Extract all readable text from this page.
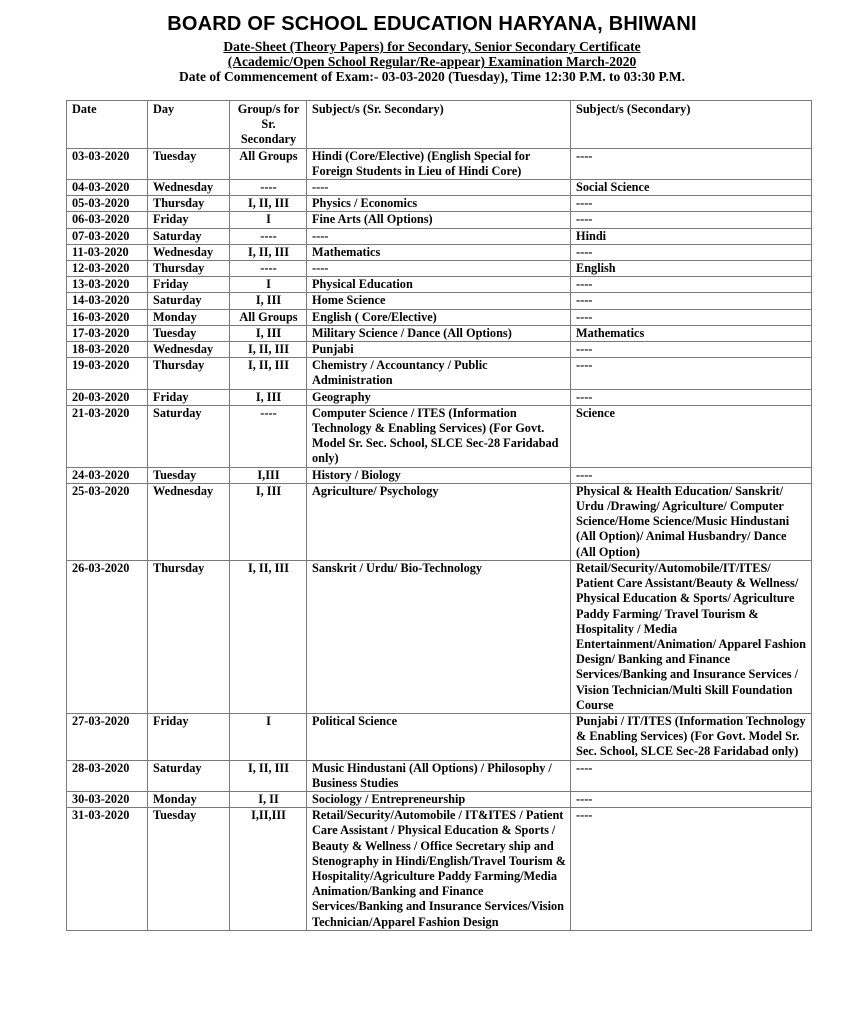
BOARD OF SCHOOL EDUCATION HARYANA, BHIWANI
Date-Sheet (Theory Papers) for Secondary, Senior Secondary Certificate
(Academic/Open School Regular/Re-appear) Examination March-2020
Date of Commencement of Exam:- 03-03-2020 (Tuesday), Time 12:30 P.M. to 03:30 P.M.
Date	Day	Group/s for Sr. Secondary	Subject/s (Sr. Secondary)	Subject/s (Secondary)
03-03-2020	Tuesday	All Groups	Hindi (Core/Elective) (English Special for Foreign Students in Lieu of Hindi Core)	----
04-03-2020	Wednesday	----	----	Social Science
05-03-2020	Thursday	I, II, III	Physics / Economics	----
06-03-2020	Friday	I	Fine Arts (All Options)	----
07-03-2020	Saturday	----	----	Hindi
11-03-2020	Wednesday	I, II, III	Mathematics	----
12-03-2020	Thursday	----	----	English
13-03-2020	Friday	I	Physical Education	----
14-03-2020	Saturday	I, III	Home Science	----
16-03-2020	Monday	All Groups	English ( Core/Elective)	----
17-03-2020	Tuesday	I, III	Military Science / Dance (All Options)	Mathematics
18-03-2020	Wednesday	I, II, III	Punjabi	----
19-03-2020	Thursday	I, II, III	Chemistry / Accountancy / Public Administration	----
20-03-2020	Friday	I, III	Geography	----
21-03-2020	Saturday	----	Computer Science / ITES (Information Technology & Enabling Services) (For Govt. Model Sr. Sec. School, SLCE Sec-28 Faridabad only)	Science
24-03-2020	Tuesday	I,III	History / Biology	----
25-03-2020	Wednesday	I, III	Agriculture/ Psychology	Physical & Health Education/ Sanskrit/ Urdu /Drawing/ Agriculture/ Computer Science/Home Science/Music Hindustani (All Option)/ Animal Husbandry/ Dance (All Option)
26-03-2020	Thursday	I, II, III	Sanskrit / Urdu/ Bio-Technology	Retail/Security/Automobile/IT/ITES/ Patient Care Assistant/Beauty & Wellness/ Physical Education & Sports/ Agriculture Paddy Farming/ Travel Tourism & Hospitality / Media Entertainment/Animation/ Apparel Fashion Design/ Banking and Finance Services/Banking and Insurance Services / Vision Technician/Multi Skill Foundation Course
27-03-2020	Friday	I	Political Science	Punjabi / IT/ITES (Information Technology & Enabling Services) (For Govt. Model Sr. Sec. School, SLCE Sec-28 Faridabad only)
28-03-2020	Saturday	I, II, III	Music Hindustani (All Options) / Philosophy / Business Studies	----
30-03-2020	Monday	I, II	Sociology / Entrepreneurship	----
31-03-2020	Tuesday	I,II,III	Retail/Security/Automobile / IT&ITES / Patient Care Assistant / Physical Education & Sports / Beauty & Wellness / Office Secretary ship and Stenography in Hindi/English/Travel Tourism & Hospitality/Agriculture Paddy Farming/Media Animation/Banking and Finance Services/Banking and Insurance Services/Vision Technician/Apparel Fashion Design	----
